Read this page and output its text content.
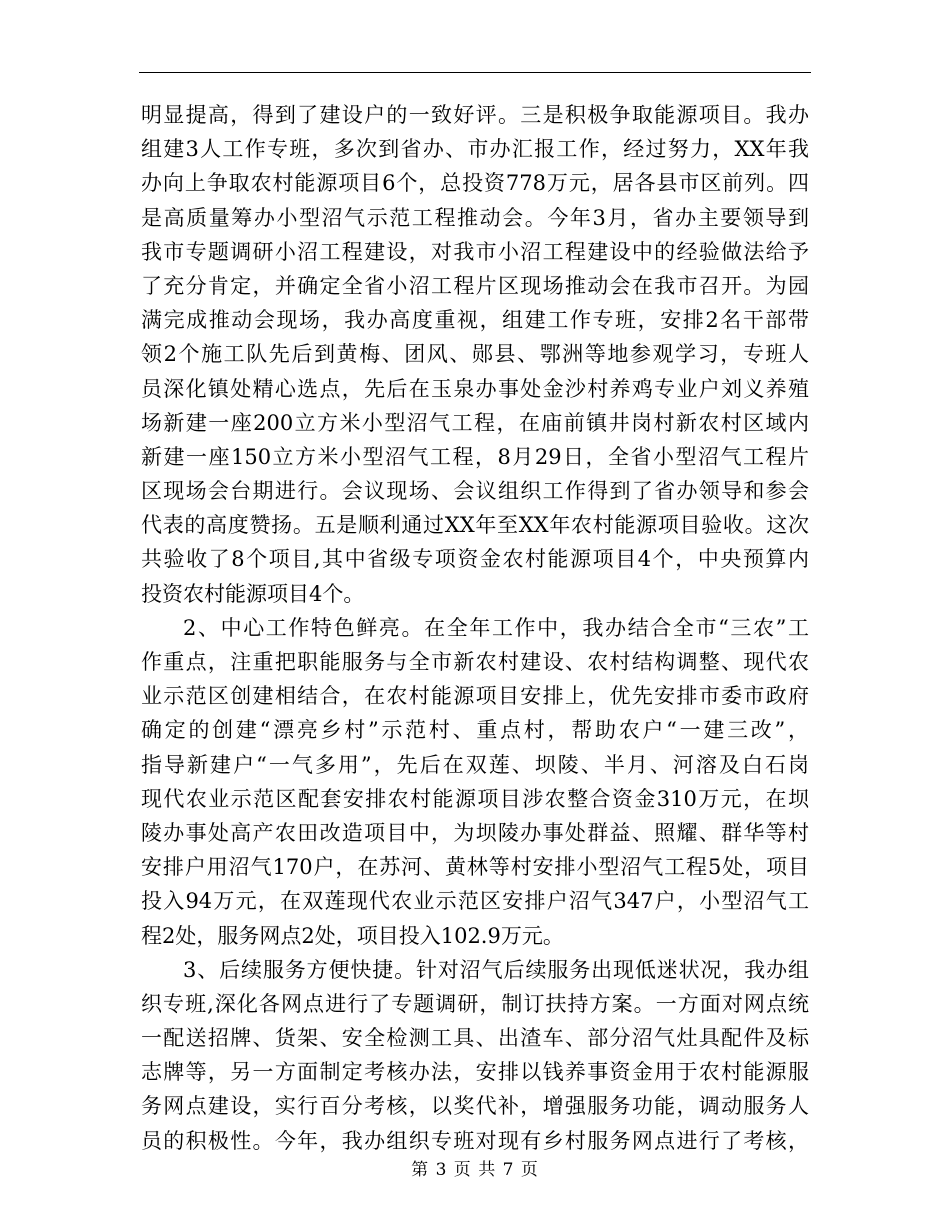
明显提高，得到了建设户的一致好评。三是积极争取能源项目。我办
组建3人工作专班，多次到省办、市办汇报工作，经过努力，XX年我
办向上争取农村能源项目6个，总投资778万元，居各县市区前列。四
是高质量筹办小型沼气示范工程推动会。今年3月，省办主要领导到
我市专题调研小沼工程建设，对我市小沼工程建设中的经验做法给予
了充分肯定，并确定全省小沼工程片区现场推动会在我市召开。为园
满完成推动会现场，我办高度重视，组建工作专班，安排2名干部带
领2个施工队先后到黄梅、团风、郧县、鄂洲等地参观学习，专班人
员深化镇处精心选点，先后在玉泉办事处金沙村养鸡专业户刘义养殖
场新建一座200立方米小型沼气工程，在庙前镇井岗村新农村区域内
新建一座150立方米小型沼气工程，8月29日，全省小型沼气工程片
区现场会台期进行。会议现场、会议组织工作得到了省办领导和参会
代表的高度赞扬。五是顺利通过XX年至XX年农村能源项目验收。这次
共验收了8个项目,其中省级专项资金农村能源项目4个，中央预算内
投资农村能源项目4个。
2、中心工作特色鲜亮。在全年工作中，我办结合全市“三农”工
作重点，注重把职能服务与全市新农村建设、农村结构调整、现代农
业示范区创建相结合，在农村能源项目安排上，优先安排市委市政府
确定的创建“漂亮乡村”示范村、重点村，帮助农户“一建三改”，
指导新建户“一气多用”，先后在双莲、坝陵、半月、河溶及白石岗
现代农业示范区配套安排农村能源项目涉农整合资金310万元，在坝
陵办事处高产农田改造项目中，为坝陵办事处群益、照耀、群华等村
安排户用沼气170户，在苏河、黄林等村安排小型沼气工程5处，项目
投入94万元，在双莲现代农业示范区安排户沼气347户，小型沼气工
程2处，服务网点2处，项目投入102.9万元。
3、后续服务方便快捷。针对沼气后续服务出现低迷状况，我办组
织专班,深化各网点进行了专题调研，制订扶持方案。一方面对网点统
一配送招牌、货架、安全检测工具、出渣车、部分沼气灶具配件及标
志牌等，另一方面制定考核办法，安排以钱养事资金用于农村能源服
务网点建设，实行百分考核，以奖代补，增强服务功能，调动服务人
员的积极性。今年，我办组织专班对现有乡村服务网点进行了考核，
第 3 页 共 7 页
